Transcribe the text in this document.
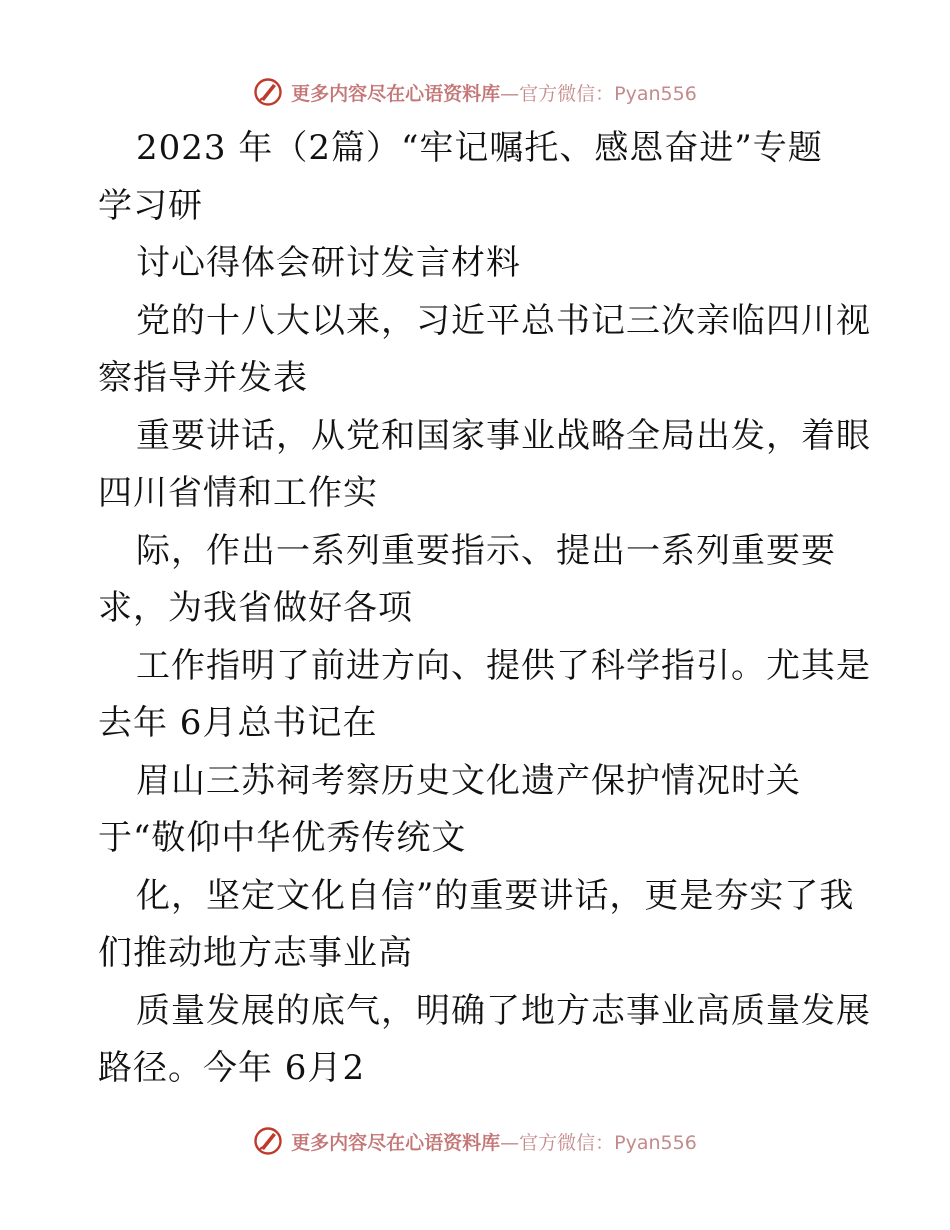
更多内容尽在心语资料库—官方微信：Pyan556
2023 年（2篇）“牢记嘱托、感恩奋进”专题
学习研
讨心得体会研讨发言材料
党的十八大以来，习近平总书记三次亲临四川视
察指导并发表
重要讲话，从党和国家事业战略全局出发，着眼
四川省情和工作实
际，作出一系列重要指示、提出一系列重要要
求，为我省做好各项
工作指明了前进方向、提供了科学指引。尤其是
去年 6月总书记在
眉山三苏祠考察历史文化遗产保护情况时关
于“敬仰中华优秀传统文
化，坚定文化自信”的重要讲话，更是夯实了我
们推动地方志事业高
质量发展的底气，明确了地方志事业高质量发展
路径。今年 6月2
更多内容尽在心语资料库—官方微信：Pyan556
